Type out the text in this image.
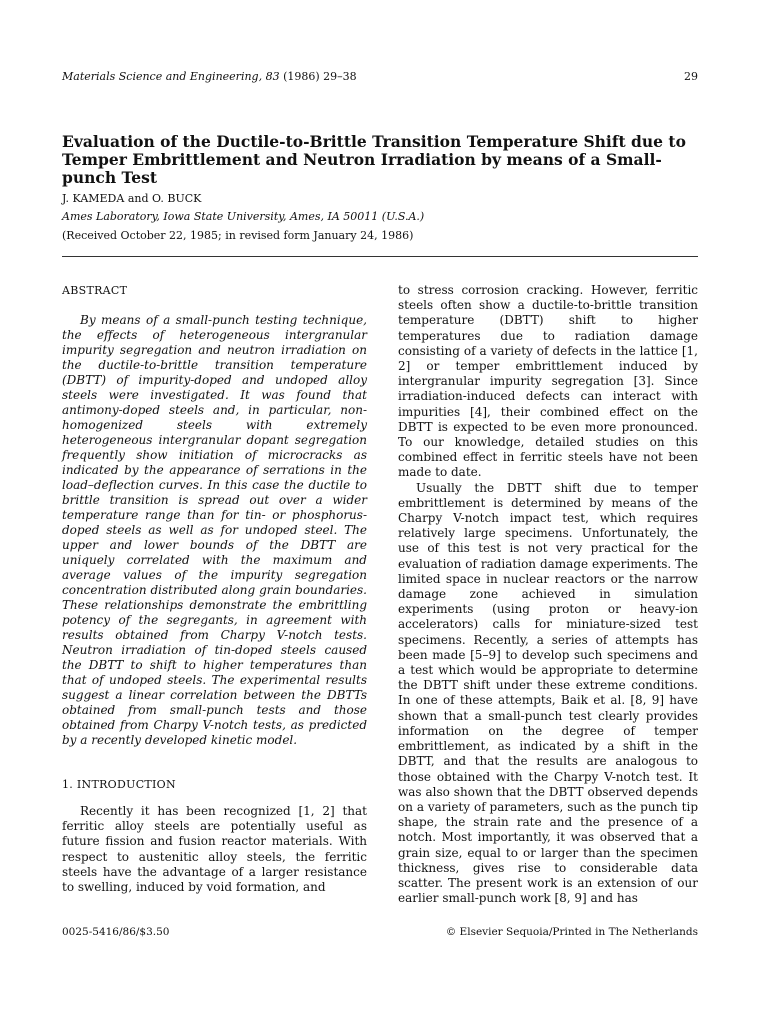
Materials Science and Engineering, 83 (1986) 29–38	29
Evaluation of the Ductile-to-Brittle Transition Temperature Shift due to Temper Embrittlement and Neutron Irradiation by means of a Small-punch Test
J. KAMEDA and O. BUCK
Ames Laboratory, Iowa State University, Ames, IA 50011 (U.S.A.)
(Received October 22, 1985; in revised form January 24, 1986)
ABSTRACT
By means of a small-punch testing technique, the effects of heterogeneous intergranular impurity segregation and neutron irradiation on the ductile-to-brittle transition temperature (DBTT) of impurity-doped and undoped alloy steels were investigated. It was found that antimony-doped steels and, in particular, non-homogenized steels with extremely heterogeneous intergranular dopant segregation frequently show initiation of microcracks as indicated by the appearance of serrations in the load–deflection curves. In this case the ductile to brittle transition is spread out over a wider temperature range than for tin- or phosphorus-doped steels as well as for undoped steel. The upper and lower bounds of the DBTT are uniquely correlated with the maximum and average values of the impurity segregation concentration distributed along grain boundaries. These relationships demonstrate the embrittling potency of the segregants, in agreement with results obtained from Charpy V-notch tests. Neutron irradiation of tin-doped steels caused the DBTT to shift to higher temperatures than that of undoped steels. The experimental results suggest a linear correlation between the DBTTs obtained from small-punch tests and those obtained from Charpy V-notch tests, as predicted by a recently developed kinetic model.
1. INTRODUCTION
Recently it has been recognized [1, 2] that ferritic alloy steels are potentially useful as future fission and fusion reactor materials. With respect to austenitic alloy steels, the ferritic steels have the advantage of a larger resistance to swelling, induced by void formation, and

to stress corrosion cracking. However, ferritic steels often show a ductile-to-brittle transition temperature (DBTT) shift to higher temperatures due to radiation damage consisting of a variety of defects in the lattice [1, 2] or temper embrittlement induced by intergranular impurity segregation [3]. Since irradiation-induced defects can interact with impurities [4], their combined effect on the DBTT is expected to be even more pronounced. To our knowledge, detailed studies on this combined effect in ferritic steels have not been made to date.

Usually the DBTT shift due to temper embrittlement is determined by means of the Charpy V-notch impact test, which requires relatively large specimens. Unfortunately, the use of this test is not very practical for the evaluation of radiation damage experiments. The limited space in nuclear reactors or the narrow damage zone achieved in simulation experiments (using proton or heavy-ion accelerators) calls for miniature-sized test specimens. Recently, a series of attempts has been made [5–9] to develop such specimens and a test which would be appropriate to determine the DBTT shift under these extreme conditions. In one of these attempts, Baik et al. [8, 9] have shown that a small-punch test clearly provides information on the degree of temper embrittlement, as indicated by a shift in the DBTT, and that the results are analogous to those obtained with the Charpy V-notch test. It was also shown that the DBTT observed depends on a variety of parameters, such as the punch tip shape, the strain rate and the presence of a notch. Most importantly, it was observed that a grain size, equal to or larger than the specimen thickness, gives rise to considerable data scatter. The present work is an extension of our earlier small-punch work [8, 9] and has

0025-5416/86/$3.50	© Elsevier Sequoia/Printed in The Netherlands
